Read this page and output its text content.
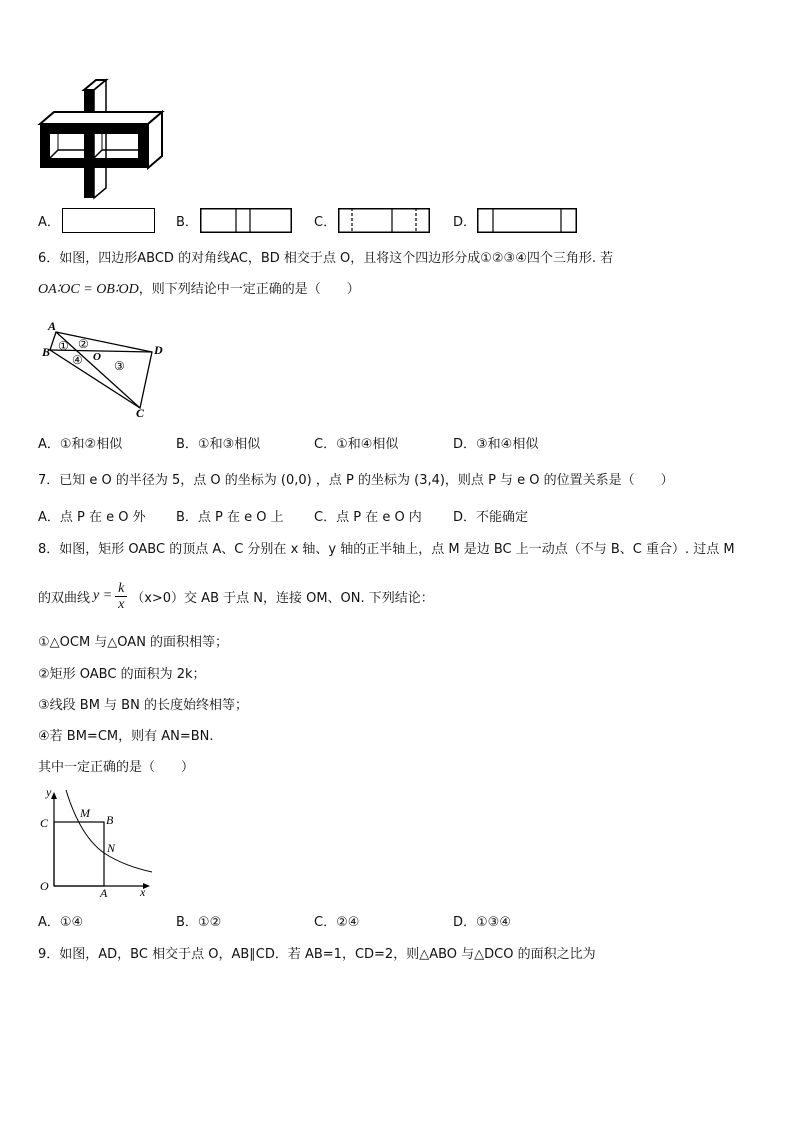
A．	B．	C．	D．
6．如图，四边形ABCD 的对角线AC，BD 相交于点 O，且将这个四边形分成①②③④四个三角形. 若
OA∶OC = OB∶OD，则下列结论中一定正确的是（　　）
A
B
C
D
O
① ②
④	③
A．①和②相似	B．①和③相似	C．①和④相似	D．③和④相似
7．已知 e O 的半径为 5，点 O 的坐标为 (0,0) ，点 P 的坐标为 (3,4)，则点 P 与 e O 的位置关系是（　　）
A．点 P 在 e O 外 B．点 P 在 e O 上 C．点 P 在 e O 内 D．不能确定
8．如图，矩形 OABC 的顶点 A、C 分别在 x 轴、y 轴的正半轴上，点 M 是边 BC 上一动点（不与 B、C 重合）. 过点 M
的双曲线 y = k
x （x>0）交 AB 于点 N，连接 OM、ON. 下列结论：
①△OCM 与△OAN 的面积相等；
②矩形 OABC 的面积为 2k；
③线段 BM 与 BN 的长度始终相等；
④若 BM=CM，则有 AN=BN.
其中一定正确的是（　　）
y
x
O	A
B
C
M
N
A．①④	B．①②	C．②④	D．①③④
9．如图，AD，BC 相交于点 O，AB∥CD．若 AB=1，CD=2，则△ABO 与△DCO 的面积之比为
